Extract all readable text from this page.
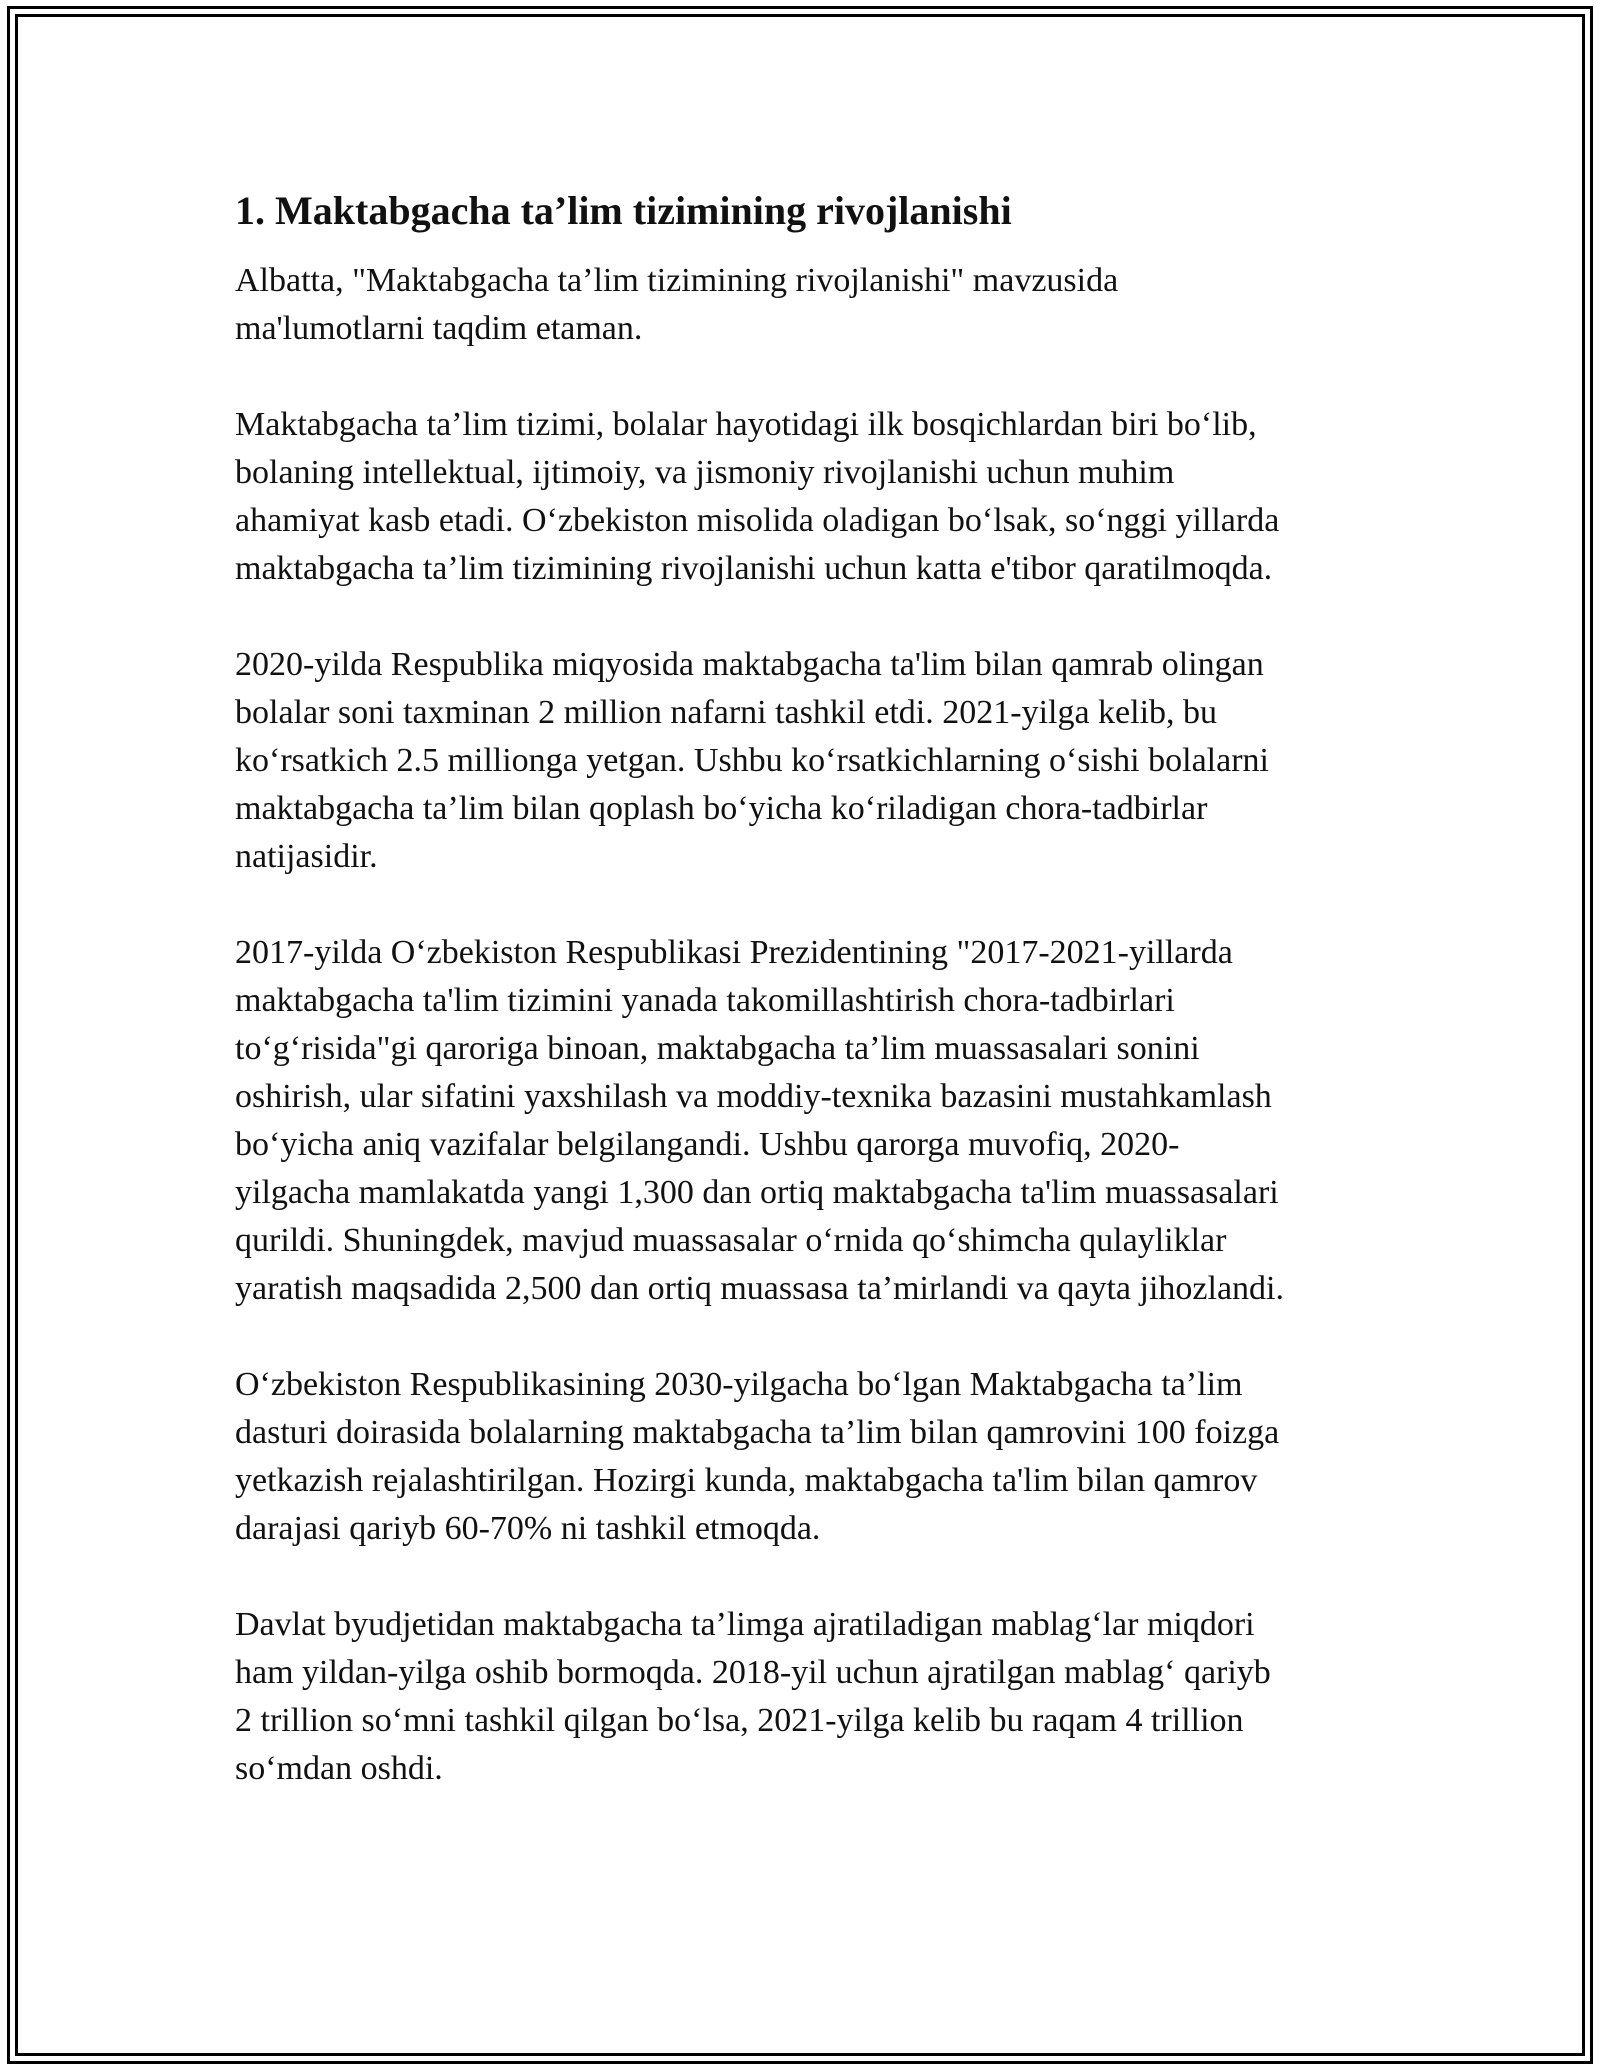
1. Maktabgacha ta’lim tizimining rivojlanishi

Albatta, "Maktabgacha ta’lim tizimining rivojlanishi" mavzusida
ma'lumotlarni taqdim etaman.

Maktabgacha ta’lim tizimi, bolalar hayotidagi ilk bosqichlardan biri bo‘lib,
bolaning intellektual, ijtimoiy, va jismoniy rivojlanishi uchun muhim
ahamiyat kasb etadi. O‘zbekiston misolida oladigan bo‘lsak, so‘nggi yillarda
maktabgacha ta’lim tizimining rivojlanishi uchun katta e'tibor qaratilmoqda.

2020-yilda Respublika miqyosida maktabgacha ta'lim bilan qamrab olingan
bolalar soni taxminan 2 million nafarni tashkil etdi. 2021-yilga kelib, bu
ko‘rsatkich 2.5 millionga yetgan. Ushbu ko‘rsatkichlarning o‘sishi bolalarni
maktabgacha ta’lim bilan qoplash bo‘yicha ko‘riladigan chora-tadbirlar
natijasidir.

2017-yilda O‘zbekiston Respublikasi Prezidentining "2017-2021-yillarda
maktabgacha ta'lim tizimini yanada takomillashtirish chora-tadbirlari
to‘g‘risida"gi qaroriga binoan, maktabgacha ta’lim muassasalari sonini
oshirish, ular sifatini yaxshilash va moddiy-texnika bazasini mustahkamlash
bo‘yicha aniq vazifalar belgilangandi. Ushbu qarorga muvofiq, 2020-
yilgacha mamlakatda yangi 1,300 dan ortiq maktabgacha ta'lim muassasalari
qurildi. Shuningdek, mavjud muassasalar o‘rnida qo‘shimcha qulayliklar
yaratish maqsadida 2,500 dan ortiq muassasa ta’mirlandi va qayta jihozlandi.

O‘zbekiston Respublikasining 2030-yilgacha bo‘lgan Maktabgacha ta’lim
dasturi doirasida bolalarning maktabgacha ta’lim bilan qamrovini 100 foizga
yetkazish rejalashtirilgan. Hozirgi kunda, maktabgacha ta'lim bilan qamrov
darajasi qariyb 60-70% ni tashkil etmoqda.

Davlat byudjetidan maktabgacha ta’limga ajratiladigan mablag‘lar miqdori
ham yildan-yilga oshib bormoqda. 2018-yil uchun ajratilgan mablag‘ qariyb
2 trillion so‘mni tashkil qilgan bo‘lsa, 2021-yilga kelib bu raqam 4 trillion
so‘mdan oshdi.
